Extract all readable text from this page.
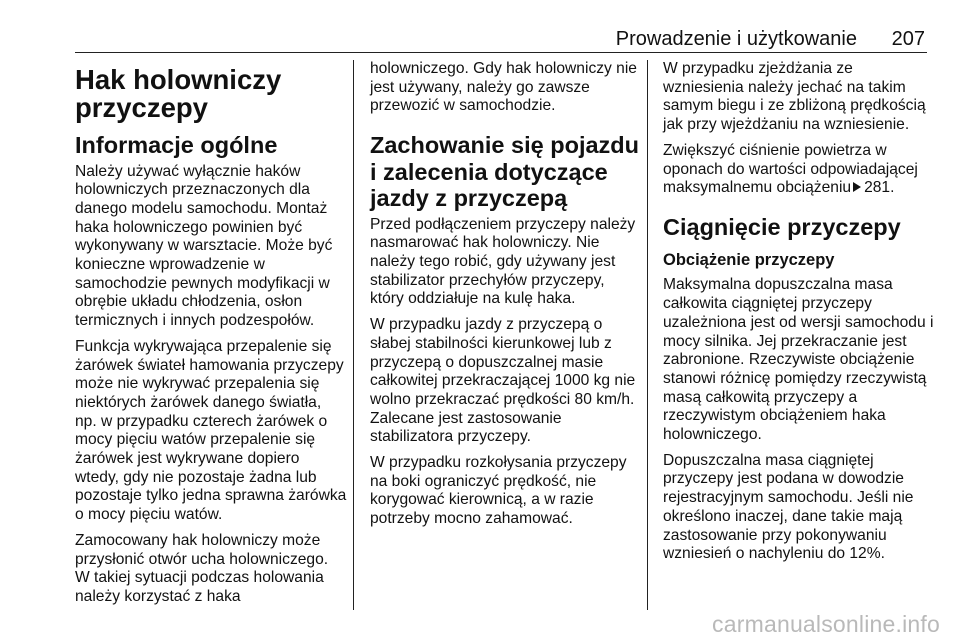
Prowadzenie i użytkowanie 207
Hak holowniczy przyczepy
Informacje ogólne

Należy używać wyłącznie haków holowniczych przeznaczonych dla danego modelu samochodu. Montaż haka holowniczego powinien być wykonywany w warsztacie. Może być konieczne wprowadzenie w samochodzie pewnych modyfikacji w obrębie układu chłodzenia, osłon termicznych i innych podzespołów.

Funkcja wykrywająca przepalenie się żarówek świateł hamowania przyczepy może nie wykrywać przepalenia się niektórych żarówek danego światła, np. w przypadku czterech żarówek o mocy pięciu watów przepalenie się żarówek jest wykrywane dopiero wtedy, gdy nie pozostaje żadna lub pozostaje tylko jedna sprawna żarówka o mocy pięciu watów.

Zamocowany hak holowniczy może przysłonić otwór ucha holowniczego. W takiej sytuacji podczas holowania należy korzystać z haka

holowniczego. Gdy hak holowniczy nie jest używany, należy go zawsze przewozić w samochodzie.

Zachowanie się pojazdu i zalecenia dotyczące jazdy z przyczepą

Przed podłączeniem przyczepy należy nasmarować hak holowniczy. Nie należy tego robić, gdy używany jest stabilizator przechyłów przyczepy, który oddziałuje na kulę haka.

W przypadku jazdy z przyczepą o słabej stabilności kierunkowej lub z przyczepą o dopuszczalnej masie całkowitej przekraczającej 1000 kg nie wolno przekraczać prędkości 80 km/h. Zalecane jest zastosowanie stabilizatora przyczepy.

W przypadku rozkołysania przyczepy na boki ograniczyć prędkość, nie korygować kierownicą, a w razie potrzeby mocno zahamować.

W przypadku zjeżdżania ze wzniesienia należy jechać na takim samym biegu i ze zbliżoną prędkością jak przy wjeżdżaniu na wzniesienie.

Zwiększyć ciśnienie powietrza w oponach do wartości odpowiadającej maksymalnemu obciążeniu 281.

Ciągnięcie przyczepy
Obciążenie przyczepy

Maksymalna dopuszczalna masa całkowita ciągniętej przyczepy uzależniona jest od wersji samochodu i mocy silnika. Jej przekraczanie jest zabronione. Rzeczywiste obciążenie stanowi różnicę pomiędzy rzeczywistą masą całkowitą przyczepy a rzeczywistym obciążeniem haka holowniczego.

Dopuszczalna masa ciągniętej przyczepy jest podana w dowodzie rejestracyjnym samochodu. Jeśli nie określono inaczej, dane takie mają zastosowanie przy pokonywaniu wzniesień o nachyleniu do 12%.

carmanualsonline.info
